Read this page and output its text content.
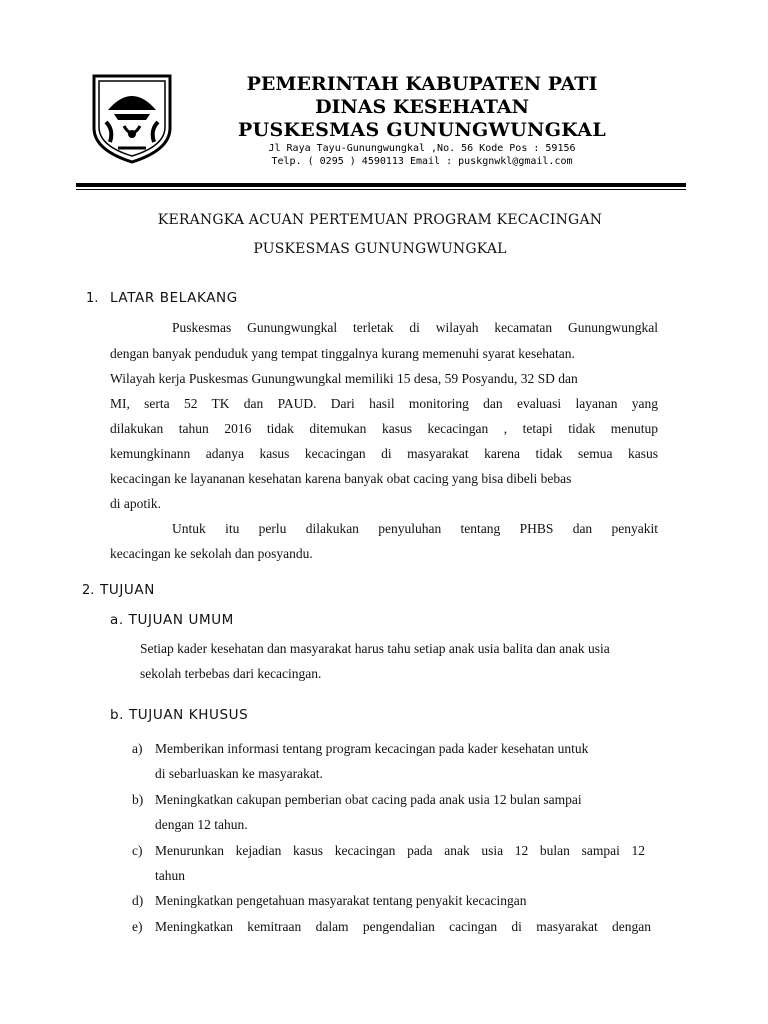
PEMERINTAH KABUPATEN PATI
DINAS KESEHATAN
PUSKESMAS GUNUNGWUNGKAL
Jl Raya Tayu-Gunungwungkal ,No. 56 Kode Pos : 59156
Telp. ( 0295 ) 4590113 Email : puskgnwkl@gmail.com
KERANGKA ACUAN PERTEMUAN PROGRAM KECACINGAN
PUSKESMAS GUNUNGWUNGKAL
1. LATAR BELAKANG
Puskesmas Gunungwungkal terletak di wilayah kecamatan Gunungwungkal
dengan banyak penduduk yang tempat tinggalnya kurang memenuhi syarat kesehatan.
Wilayah kerja Puskesmas Gunungwungkal memiliki 15 desa, 59 Posyandu, 32 SD dan
MI, serta 52 TK dan PAUD. Dari hasil monitoring dan evaluasi layanan yang
dilakukan tahun 2016 tidak ditemukan kasus kecacingan , tetapi tidak menutup
kemungkinann adanya kasus kecacingan di masyarakat karena tidak semua kasus
kecacingan ke layananan kesehatan karena banyak obat cacing yang bisa dibeli bebas
di apotik.
Untuk itu perlu dilakukan penyuluhan tentang PHBS dan penyakit
kecacingan ke sekolah dan posyandu.
2. TUJUAN
a. TUJUAN UMUM
Setiap kader kesehatan dan masyarakat harus tahu setiap anak usia balita dan anak usia
sekolah terbebas dari kecacingan.
b. TUJUAN KHUSUS
a) Memberikan informasi tentang program kecacingan pada kader kesehatan untuk
di sebarluaskan ke masyarakat.
b) Meningkatkan cakupan pemberian obat cacing pada anak usia 12 bulan sampai
dengan 12 tahun.
c) Menurunkan kejadian kasus kecacingan pada anak usia 12 bulan sampai 12
tahun
d) Meningkatkan pengetahuan masyarakat tentang penyakit kecacingan
e) Meningkatkan kemitraan dalam pengendalian cacingan di masyarakat dengan
